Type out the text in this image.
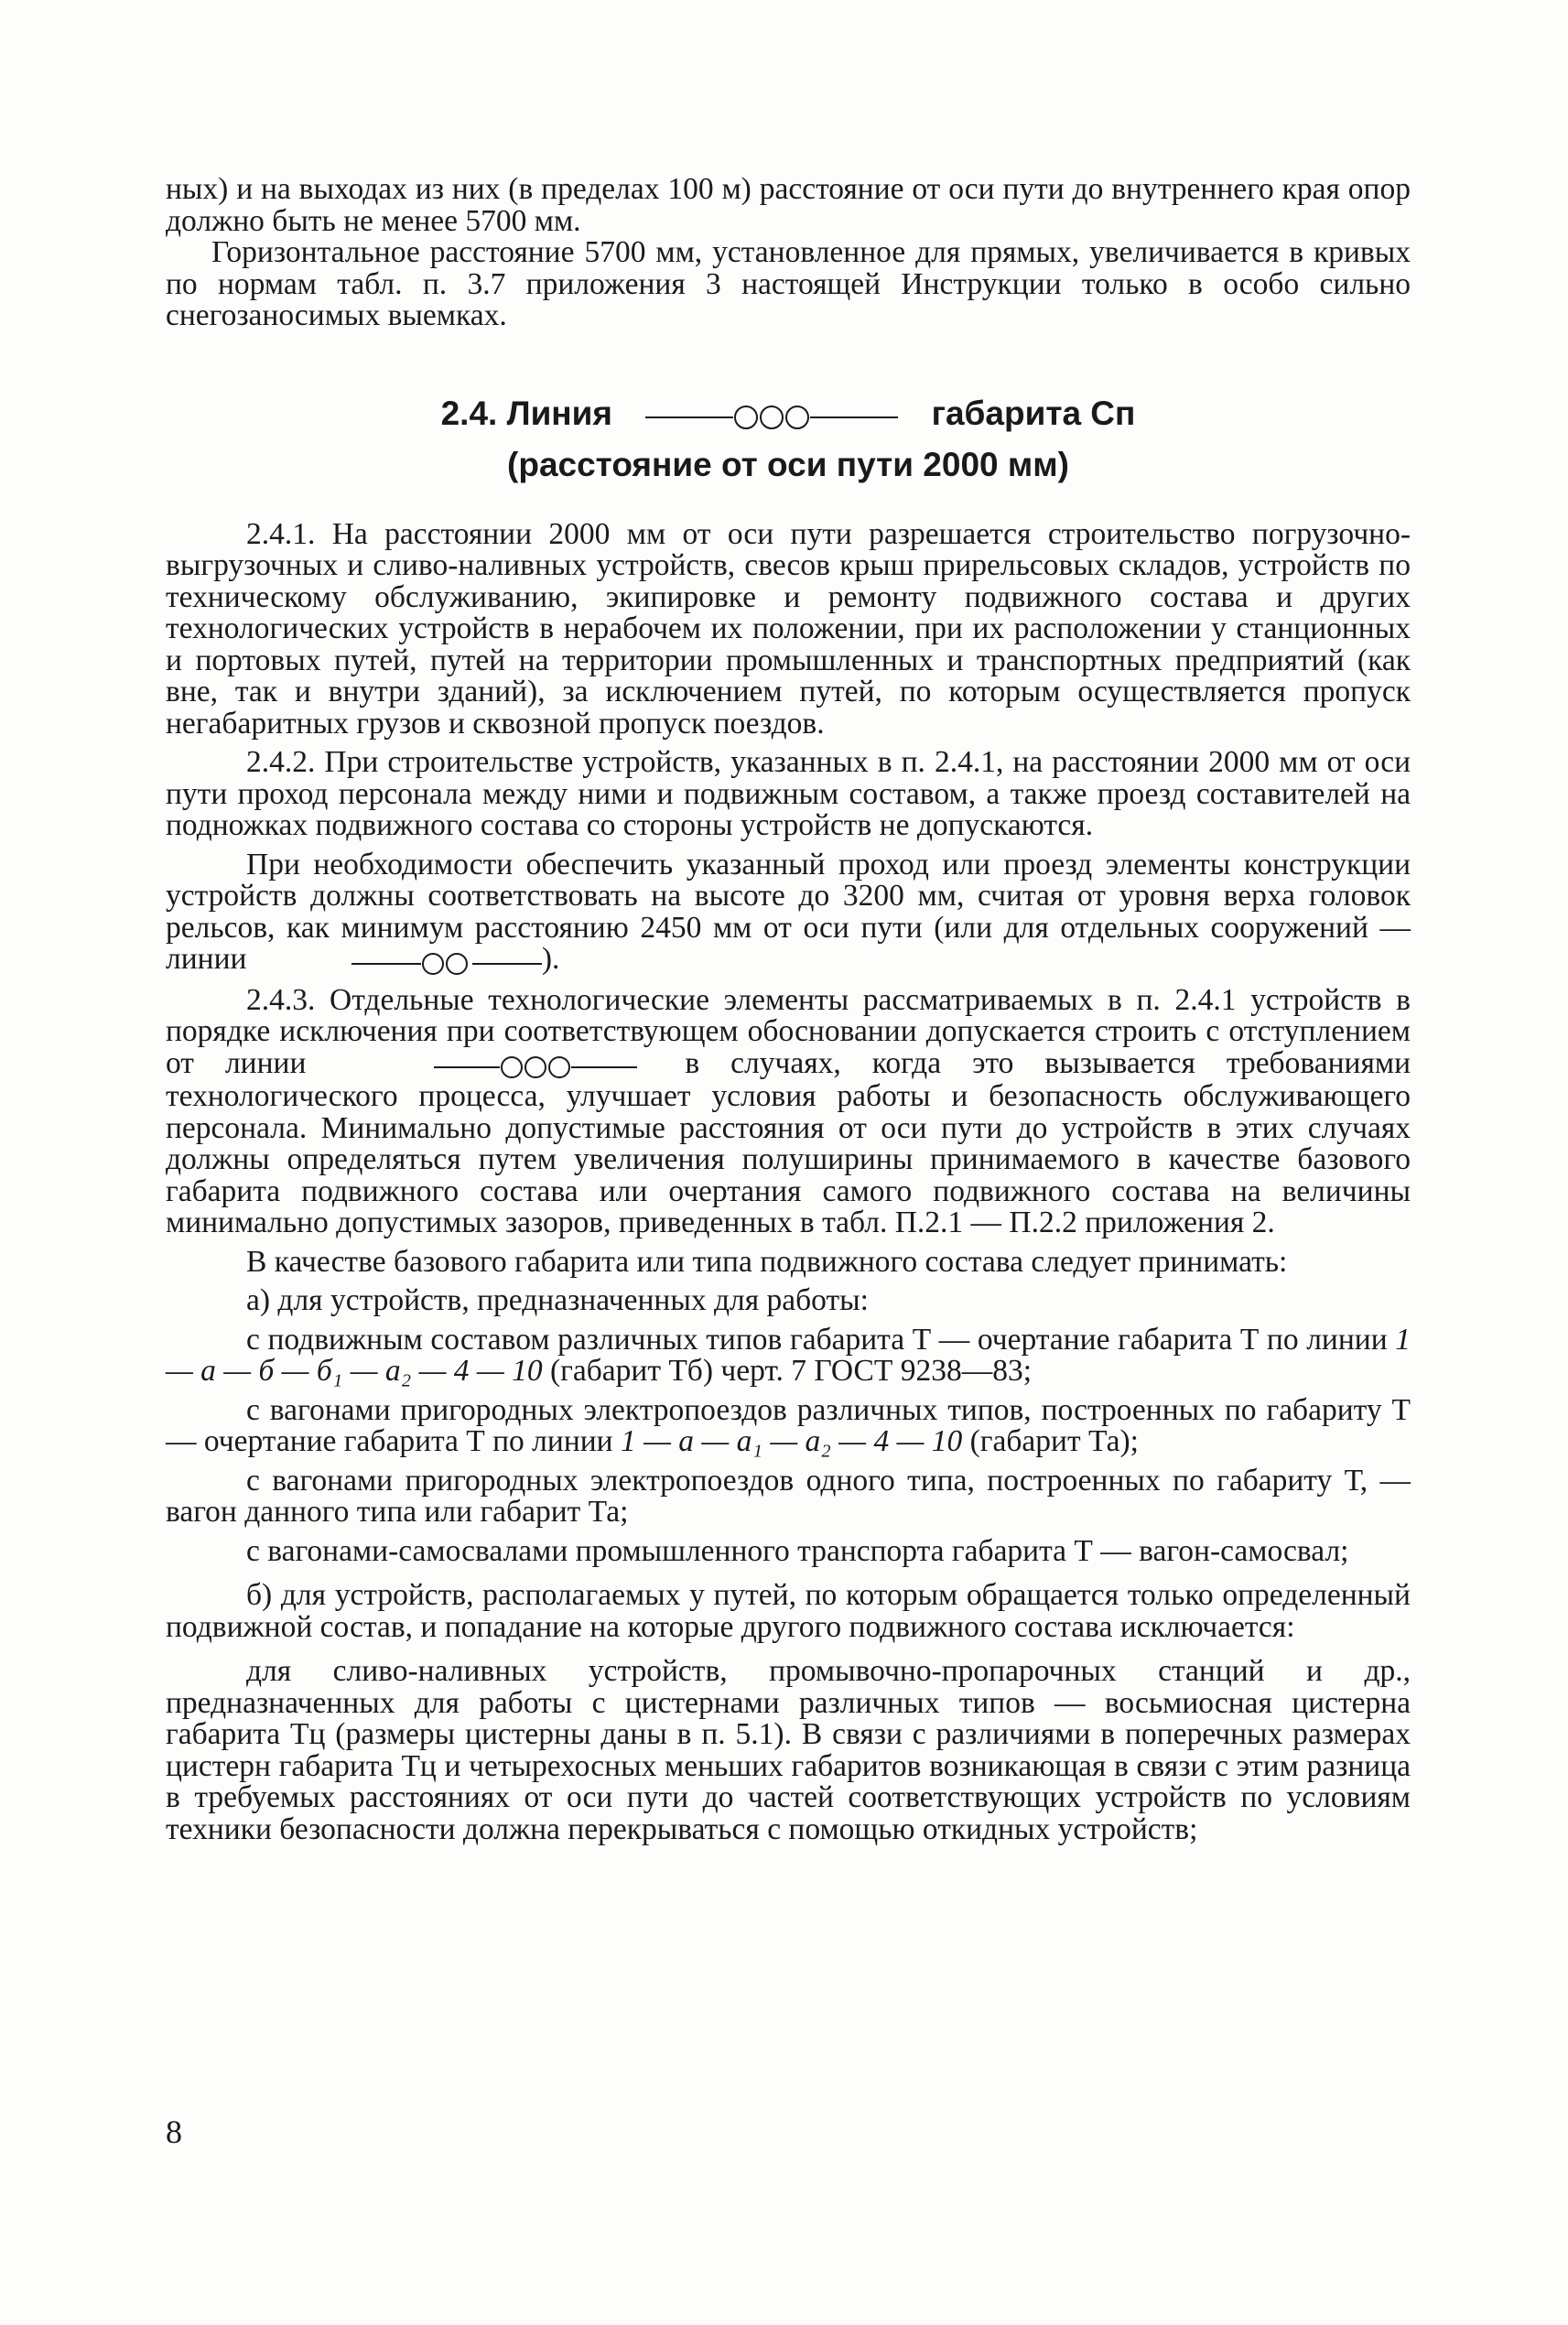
ных) и на выходах из них (в пределах 100 м) расстояние от оси пути до внутреннего края опор должно быть не менее 5700 мм.

Горизонтальное расстояние 5700 мм, установленное для прямых, увеличивается в кривых по нормам табл. п. 3.7 приложения 3 настоящей Инструкции только в особо сильно снегозаносимых выемках.

2.4. Линия	габарита Сп
(расстояние от оси пути 2000 мм)

2.4.1. На расстоянии 2000 мм от оси пути разрешается строительство погрузочно-выгрузочных и сливо-наливных устройств, свесов крыш прирельсовых складов, устройств по техническому обслуживанию, экипировке и ремонту подвижного состава и других технологических устройств в нерабочем их положении, при их расположении у станционных и портовых путей, путей на территории промышленных и транспортных предприятий (как вне, так и внутри зданий), за исключением путей, по которым осуществляется пропуск негабаритных грузов и сквозной пропуск поездов.

2.4.2. При строительстве устройств, указанных в п. 2.4.1, на расстоянии 2000 мм от оси пути проход персонала между ними и подвижным составом, а также проезд составителей на подножках подвижного состава со стороны устройств не допускаются.

При необходимости обеспечить указанный проход или проезд элементы конструкции устройств должны соответствовать на высоте до 3200 мм, считая от уровня верха головок рельсов, как минимум расстоянию 2450 мм от оси пути (или для отдельных сооружений — линии	).

2.4.3. Отдельные технологические элементы рассматриваемых в п. 2.4.1 устройств в порядке исключения при соответствующем обосновании допускается строить с отступлением от линии	в случаях, когда это вызывается требованиями технологического процесса, улучшает условия работы и безопасность обслуживающего персонала. Минимально допустимые расстояния от оси пути до устройств в этих случаях должны определяться путем увеличения полуширины принимаемого в качестве базового габарита подвижного состава или очертания самого подвижного состава на величины минимально допустимых зазоров, приведенных в табл. П.2.1 — П.2.2 приложения 2.

В качестве базового габарита или типа подвижного состава следует принимать:

а) для устройств, предназначенных для работы:

с подвижным составом различных типов габарита Т — очертание габарита Т по линии 1 — а — б — б₁ — а₂ — 4 — 10 (габарит Тб) черт. 7 ГОСТ 9238—83;

с вагонами пригородных электропоездов различных типов, построенных по габариту Т — очертание габарита Т по линии 1 — а — а₁ — а₂ — 4 — 10 (габарит Та);

с вагонами пригородных электропоездов одного типа, построенных по габариту Т, — вагон данного типа или габарит Та;

с вагонами-самосвалами промышленного транспорта габарита Т — вагон-самосвал;

б) для устройств, располагаемых у путей, по которым обращается только определенный подвижной состав, и попадание на которые другого подвижного состава исключается:

для сливо-наливных устройств, промывочно-пропарочных станций и др., предназначенных для работы с цистернами различных типов — восьмиосная цистерна габарита Тц (размеры цистерны даны в п. 5.1). В связи с различиями в поперечных размерах цистерн габарита Тц и четырехосных меньших габаритов возникающая в связи с этим разница в требуемых расстояниях от оси пути до частей соответствующих устройств по условиям техники безопасности должна перекрываться с помощью откидных устройств;

8
